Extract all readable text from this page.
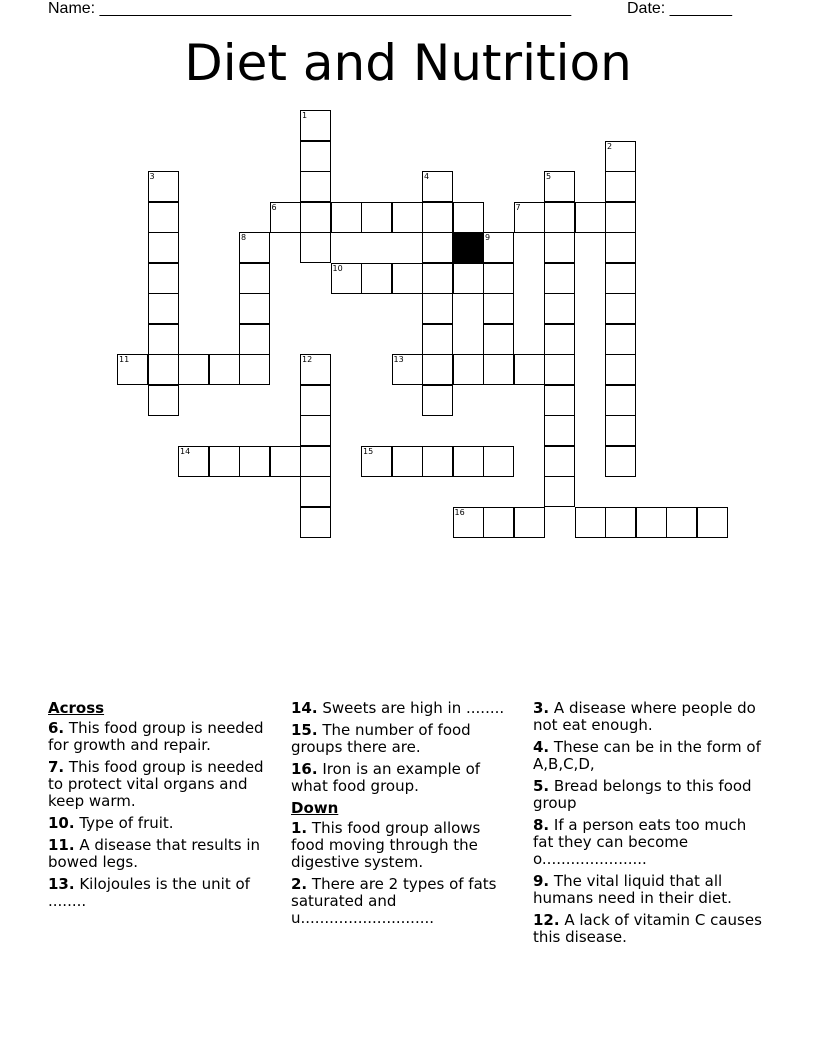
Name: _____________________________________________________	Date: _______
Diet and Nutrition
1
2
3	4	5
6	7
8	9
10
11	12	13
14	15
16
Across
6. This food group is needed for growth and repair.
7. This food group is needed to protect vital organs and keep warm.
10. Type of fruit.
11. A disease that results in bowed legs.
13. Kilojoules is the unit of ........
14. Sweets are high in ........
15. The number of food groups there are.
16. Iron is an example of what food group.
Down
1. This food group allows food moving through the digestive system.
2. There are 2 types of fats saturated and u............................
3. A disease where people do not eat enough.
4. These can be in the form of A,B,C,D,
5. Bread belongs to this food group
8. If a person eats too much fat they can become o......................
9. The vital liquid that all humans need in their diet.
12. A lack of vitamin C causes this disease.
